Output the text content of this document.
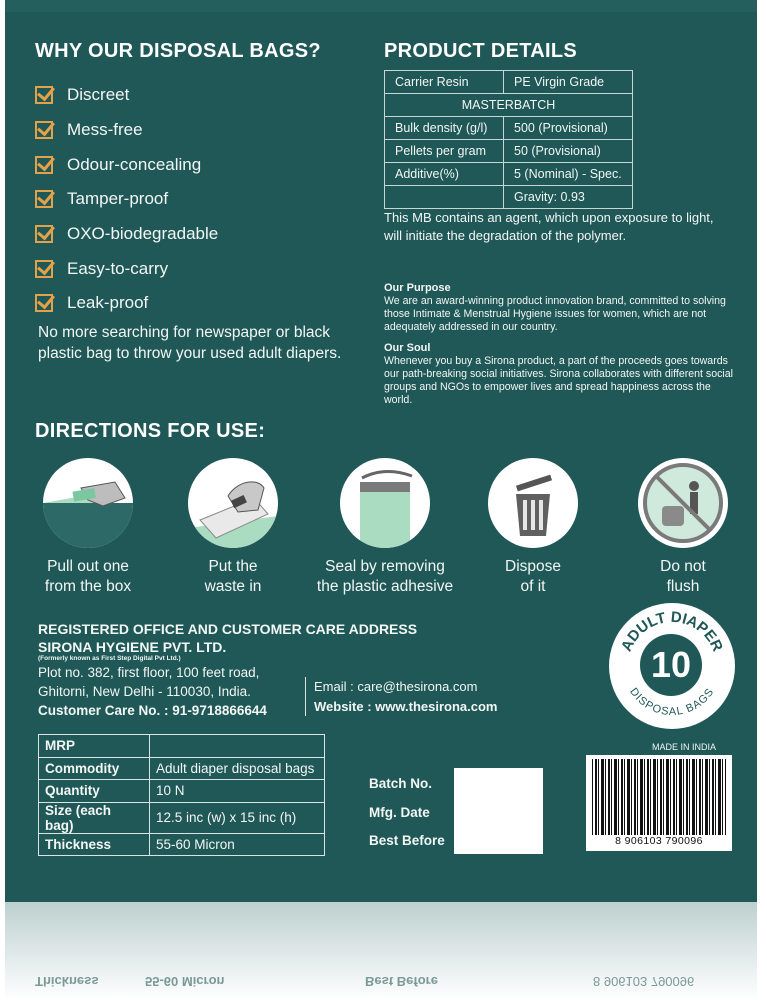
WHY OUR DISPOSAL BAGS?
Discreet
Mess-free
Odour-concealing
Tamper-proof
OXO-biodegradable
Easy-to-carry
Leak-proof
No more searching for newspaper or black plastic bag to throw your used adult diapers.
PRODUCT DETAILS
Carrier Resin	PE Virgin Grade
MASTERBATCH	
Bulk density (g/l)	500 (Provisional)
Pellets per gram	50 (Provisional)
Additive(%)	5 (Nominal) - Spec.
	Gravity: 0.93
This MB contains an agent, which upon exposure to light, will initiate the degradation of the polymer.
Our Purpose
We are an award-winning product innovation brand, committed to solving those Intimate & Menstrual Hygiene issues for women, which are not adequately addressed in our country.
Our Soul
Whenever you buy a Sirona product, a part of the proceeds goes towards our path-breaking social initiatives. Sirona collaborates with different social groups and NGOs to empower lives and spread happiness across the world.
DIRECTIONS FOR USE:
Pull out one
from the box
Put the
waste in
Seal by removing
the plastic adhesive
Dispose
of it
Do not
flush
REGISTERED OFFICE AND CUSTOMER CARE ADDRESS
SIRONA HYGIENE PVT. LTD.
(Formerly known as First Step Digital Pvt Ltd.)
Plot no. 382, first floor, 100 feet road,
Ghitorni, New Delhi - 110030, India.
Customer Care No. : 91-9718866644
Email : care@thesirona.com
Website : www.thesirona.com
ADULT DIAPER
DISPOSAL BAGS
10
MRP	
Commodity	Adult diaper disposal bags
Quantity	10 N
Size (each bag)	12.5 inc (w) x 15 inc (h)
Thickness	55-60 Micron
Batch No.
Mfg. Date
Best Before
MADE IN INDIA
8 906103 790096
Thickness	55-60 Micron	Best Before	8 906103 790096
